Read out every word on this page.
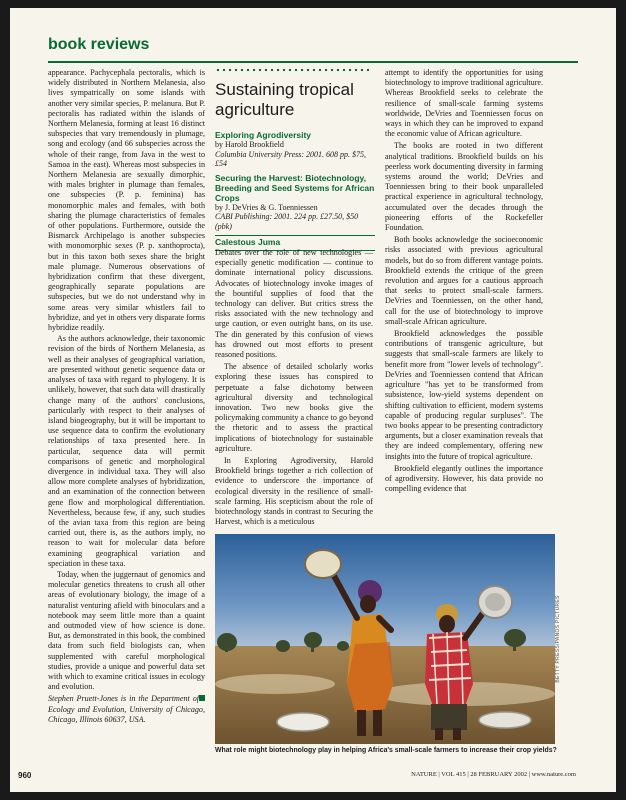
book reviews

appearance. Pachycephala pectoralis, which is widely distributed in Northern Melanesia, also lives sympatrically on some islands with another very similar species, P. melanura. But P. pectoralis has radiated within the islands of Northern Melanesia, forming at least 16 distinct subspecies that vary tremendously in plumage, song and ecology (and 66 subspecies across the whole of their range, from Java in the west to Samoa in the east). Whereas most subspecies in Northern Melanesia are sexually dimorphic, with males brighter in plumage than females, one subspecies (P. p. feminina) has monomorphic males and females, with both sharing the plumage characteristics of females of other populations. Furthermore, outside the Bismarck Archipelago is another subspecies with monomorphic sexes (P. p. xanthoprocta), but in this taxon both sexes share the bright male plumage. Numerous observations of hybridization confirm that these divergent, geographically separate populations are subspecies, but we do not understand why in some areas very similar whistlers fail to hybridize, and yet in others very disparate forms hybridize readily.

As the authors acknowledge, their taxonomic revision of the birds of Northern Melanesia, as well as their analyses of geographical variation, are presented without genetic sequence data or analyses of taxa with regard to phylogeny. It is unlikely, however, that such data will drastically change many of the authors' conclusions, particularly with respect to their analyses of island biogeography, but it will be important to use sequence data to confirm the evolutionary relationships of taxa presented here. In particular, sequence data will permit comparisons of genetic and morphological divergence in individual taxa. They will also allow more complete analyses of hybridization, and an examination of the connection between gene flow and morphological differentiation. Nevertheless, because few, if any, such studies of the avian taxa from this region are being carried out, there is, as the authors imply, no reason to wait for molecular data before examining geographical variation and speciation in these taxa.

Today, when the juggernaut of genomics and molecular genetics threatens to crush all other areas of evolutionary biology, the image of a naturalist venturing afield with binoculars and a notebook may seem little more than a quaint and outmoded view of how science is done. But, as demonstrated in this book, the combined data from such field biologists can, when supplemented with careful morphological studies, provide a unique and powerful data set with which to examine critical issues in ecology and evolution.

Stephen Pruett-Jones is in the Department of Ecology and Evolution, University of Chicago, Chicago, Illinois 60637, USA.

Sustaining tropical agriculture
Exploring Agrodiversity
by Harold Brookfield
Columbia University Press: 2001. 608 pp. $75, £54
Securing the Harvest: Biotechnology, Breeding and Seed Systems for African Crops
by J. DeVries & G. Toenniessen
CABI Publishing: 2001. 224 pp. £27.50, $50 (pbk)
Calestous Juma

Debates over the role of new technologies — especially genetic modification — continue to dominate international policy discussions. Advocates of biotechnology invoke images of the bountiful supplies of food that the technology can deliver. But critics stress the risks associated with the new technology and urge caution, or even outright bans, on its use. The din generated by this confusion of views has drowned out most efforts to present reasoned positions.

The absence of detailed scholarly works exploring these issues has conspired to perpetuate a false dichotomy between agricultural diversity and technological innovation. Two new books give the policymaking community a chance to go beyond the rhetoric and to assess the practical implications of biotechnology for sustainable agriculture.

In Exploring Agrodiversity, Harold Brookfield brings together a rich collection of evidence to underscore the importance of ecological diversity in the resilience of small-scale farming. His scepticism about the role of biotechnology stands in contrast to Securing the Harvest, which is a meticulous

attempt to identify the opportunities for using biotechnology to improve traditional agriculture. Whereas Brookfield seeks to celebrate the resilience of small-scale farming systems worldwide, DeVries and Toenniessen focus on ways in which they can be improved to expand the economic value of African agriculture.

The books are rooted in two different analytical traditions. Brookfield builds on his peerless work documenting diversity in farming systems around the world; DeVries and Toenniessen bring to their book unparalleled practical experience in agricultural technology, accumulated over the decades through the pioneering efforts of the Rockefeller Foundation.

Both books acknowledge the socioeconomic risks associated with previous agricultural models, but do so from different vantage points. Brookfield extends the critique of the green revolution and argues for a cautious approach that seeks to protect small-scale farmers. DeVries and Toenniessen, on the other hand, call for the use of biotechnology to improve small-scale African agriculture.

Brookfield acknowledges the possible contributions of transgenic agriculture, but suggests that small-scale farmers are likely to benefit more from "lower levels of technology". DeVries and Toenniessen contend that African agriculture "has yet to be transformed from subsistence, low-yield systems dependent on shifting cultivation to efficient, modern systems capable of producing regular surpluses". The two books appear to be presenting contradictory arguments, but a closer examination reveals that they are indeed complementary, offering new insights into the future of tropical agriculture.

Brookfield elegantly outlines the importance of agrodiversity. However, his data provide no compelling evidence that

BETTY PRESS/PANOS PICTURES
What role might biotechnology play in helping Africa's small-scale farmers to increase their crop yields?
960	NATURE | VOL 415 | 28 FEBRUARY 2002 | www.nature.com
